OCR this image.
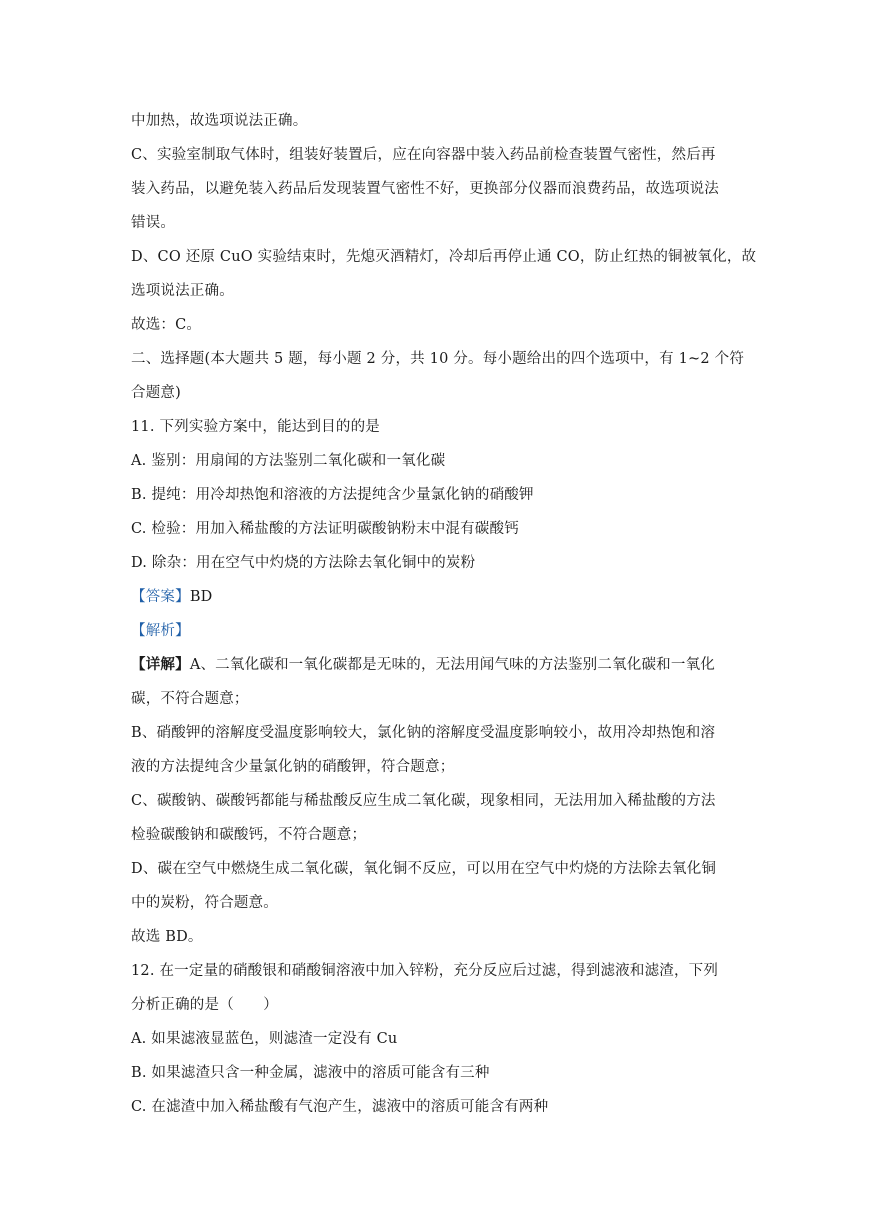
中加热，故选项说法正确。
C、实验室制取气体时，组装好装置后，应在向容器中装入药品前检查装置气密性，然后再
装入药品，以避免装入药品后发现装置气密性不好，更换部分仪器而浪费药品，故选项说法
错误。
D、CO 还原 CuO 实验结束时，先熄灭酒精灯，冷却后再停止通 CO，防止红热的铜被氧化，故
选项说法正确。
故选：C。
二、选择题(本大题共 5 题，每小题 2 分，共 10 分。每小题给出的四个选项中，有 1~2 个符
合题意)
11. 下列实验方案中，能达到目的的是
A. 鉴别：用扇闻的方法鉴别二氧化碳和一氧化碳
B. 提纯：用冷却热饱和溶液的方法提纯含少量氯化钠的硝酸钾
C. 检验：用加入稀盐酸的方法证明碳酸钠粉末中混有碳酸钙
D. 除杂：用在空气中灼烧的方法除去氧化铜中的炭粉
【答案】BD
【解析】
【详解】A、二氧化碳和一氧化碳都是无味的，无法用闻气味的方法鉴别二氧化碳和一氧化
碳，不符合题意；
B、硝酸钾的溶解度受温度影响较大，氯化钠的溶解度受温度影响较小，故用冷却热饱和溶
液的方法提纯含少量氯化钠的硝酸钾，符合题意；
C、碳酸钠、碳酸钙都能与稀盐酸反应生成二氧化碳，现象相同，无法用加入稀盐酸的方法
检验碳酸钠和碳酸钙，不符合题意；
D、碳在空气中燃烧生成二氧化碳，氧化铜不反应，可以用在空气中灼烧的方法除去氧化铜
中的炭粉，符合题意。
故选 BD。
12. 在一定量的硝酸银和硝酸铜溶液中加入锌粉，充分反应后过滤，得到滤液和滤渣，下列
分析正确的是（　　）
A. 如果滤液显蓝色，则滤渣一定没有 Cu
B. 如果滤渣只含一种金属，滤液中的溶质可能含有三种
C. 在滤渣中加入稀盐酸有气泡产生，滤液中的溶质可能含有两种
